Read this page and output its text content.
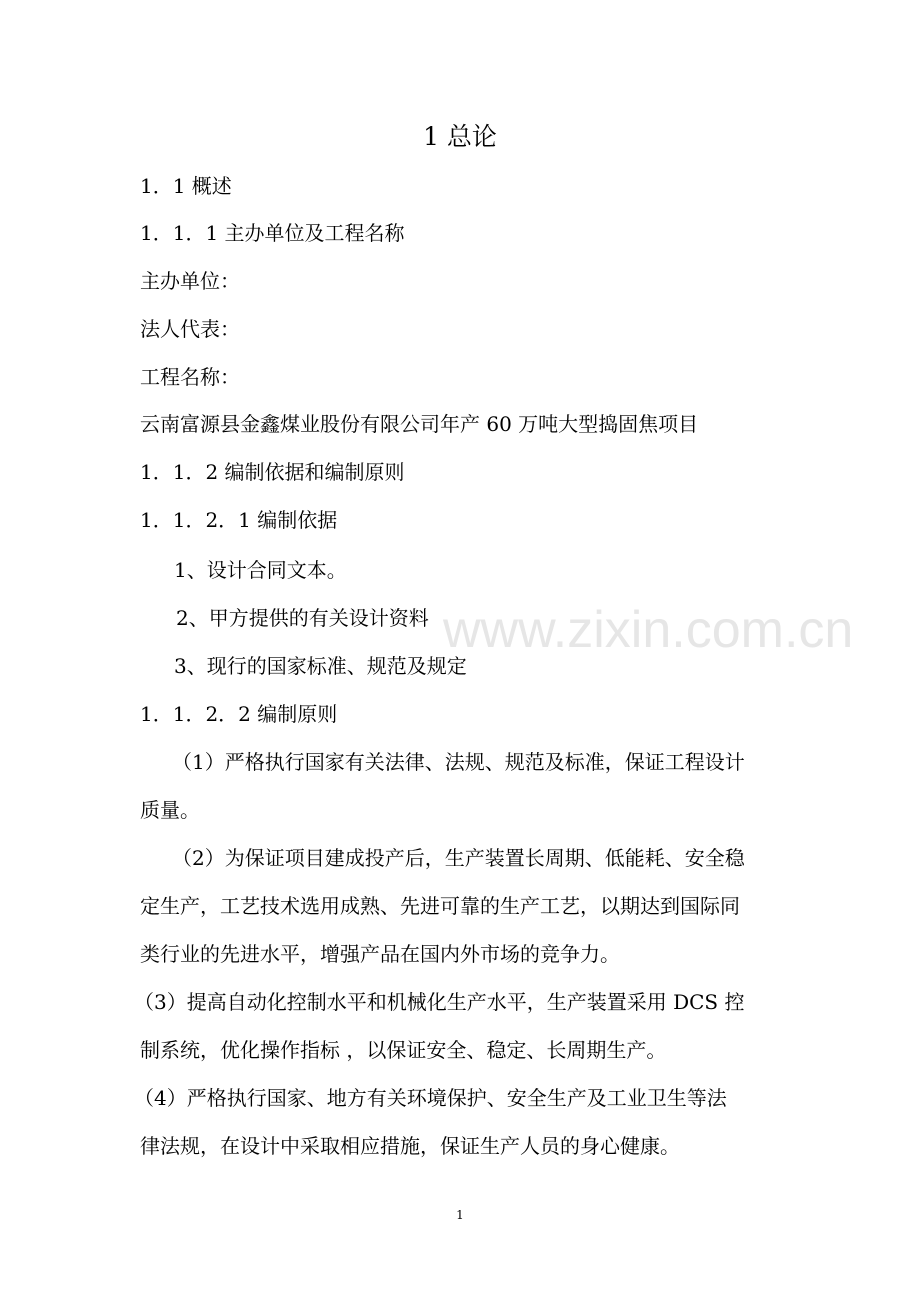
1 总论
1．1 概述
1．1．1 主办单位及工程名称
主办单位：
法人代表：
工程名称：
云南富源县金鑫煤业股份有限公司年产 60 万吨大型捣固焦项目
1．1．2 编制依据和编制原则
1．1．2．1 编制依据
1、设计合同文本。
2、甲方提供的有关设计资料
3、现行的国家标准、规范及规定
1．1．2．2 编制原则
（1）严格执行国家有关法律、法规、规范及标准，保证工程设计
质量。
（2）为保证项目建成投产后，生产装置长周期、低能耗、安全稳
定生产，工艺技术选用成熟、先进可靠的生产工艺，以期达到国际同
类行业的先进水平，增强产品在国内外市场的竞争力。
（3）提高自动化控制水平和机械化生产水平，生产装置采用 DCS 控
制系统，优化操作指标 ，以保证安全、稳定、长周期生产。
（4）严格执行国家、地方有关环境保护、安全生产及工业卫生等法
律法规，在设计中采取相应措施，保证生产人员的身心健康。
www.zixin.com.cn
1
